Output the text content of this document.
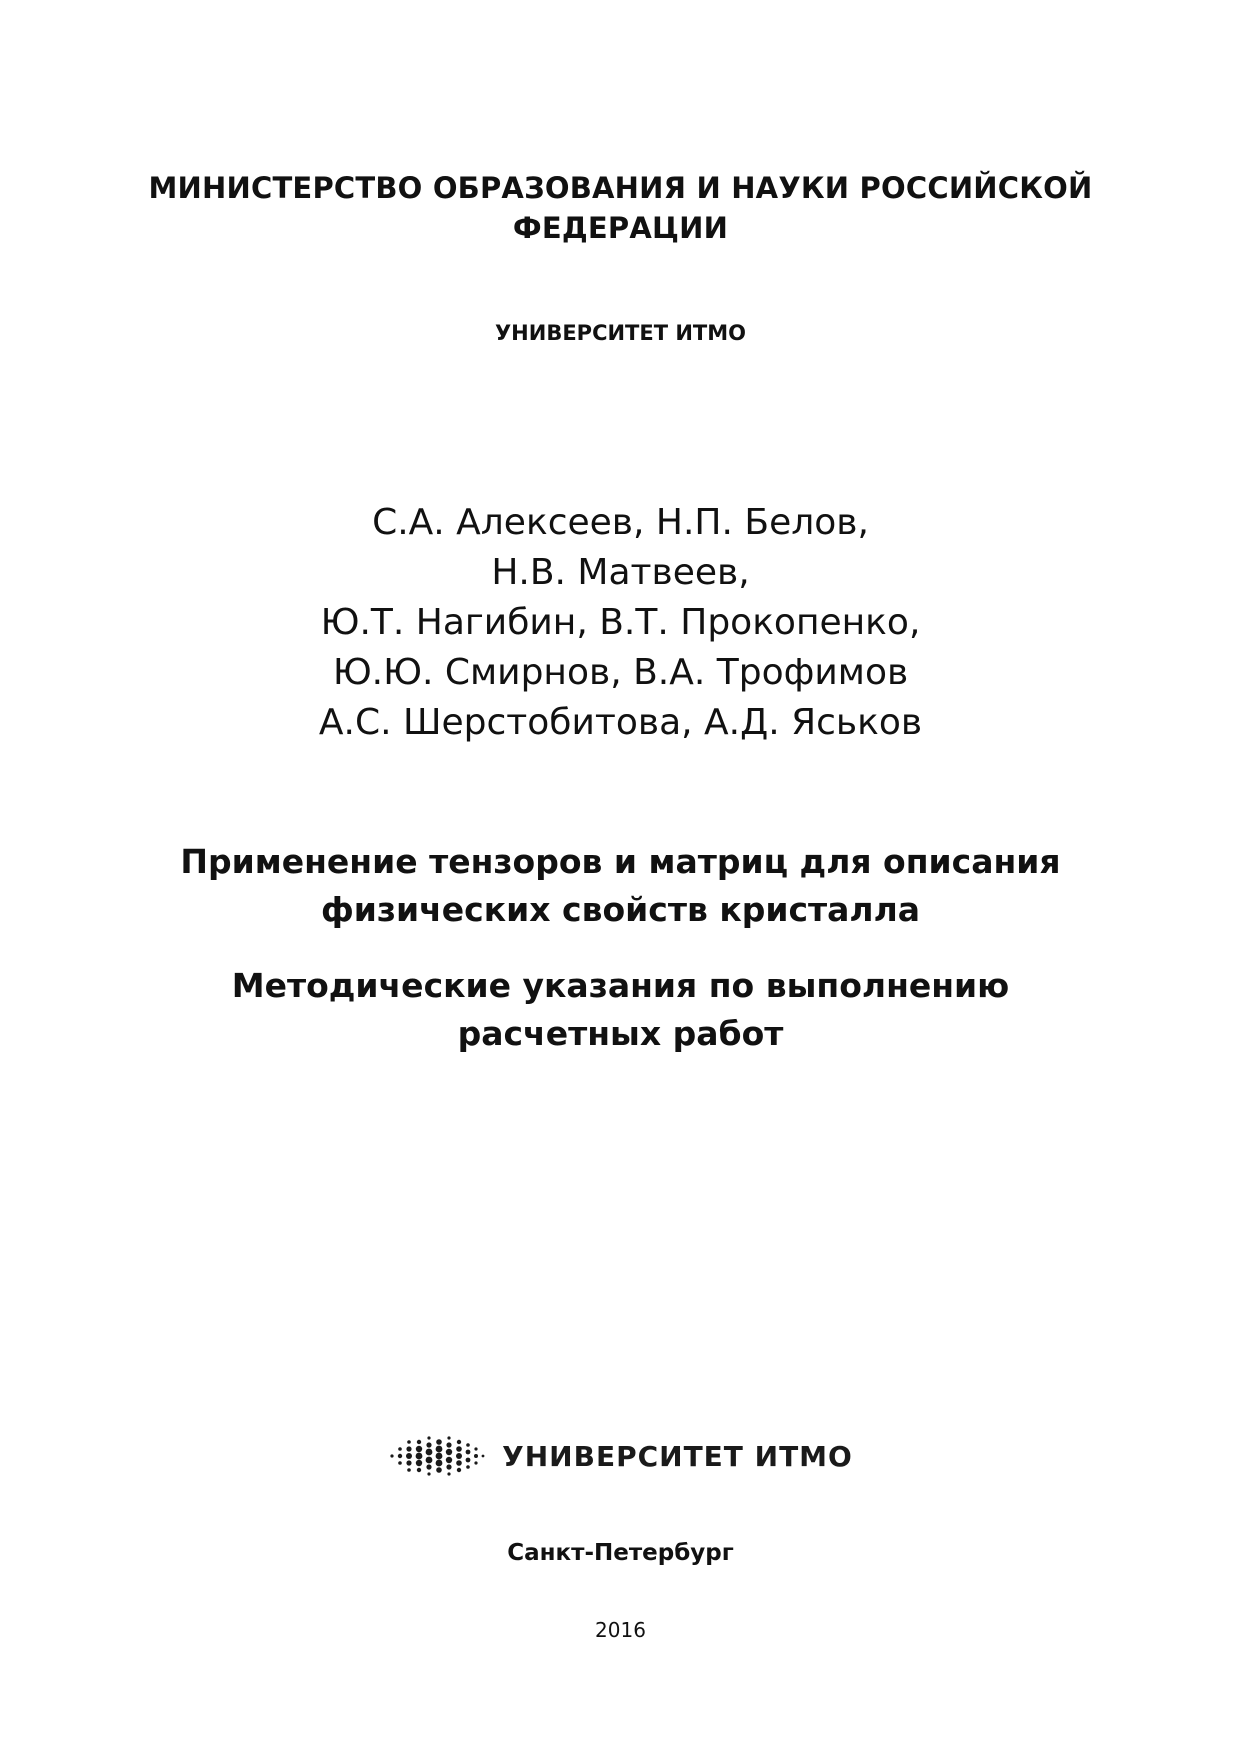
МИНИСТЕРСТВО ОБРАЗОВАНИЯ И НАУКИ РОССИЙСКОЙ
ФЕДЕРАЦИИ
УНИВЕРСИТЕТ ИТМО
С.А. Алексеев, Н.П. Белов,
Н.В. Матвеев,
Ю.Т. Нагибин, В.Т. Прокопенко,
Ю.Ю. Смирнов, В.А. Трофимов
А.С. Шерстобитова, А.Д. Яськов
Применение тензоров и матриц для описания
физических свойств кристалла
Методические указания по выполнению
расчетных работ
УНИВЕРСИТЕТ ИТМО
Санкт-Петербург
2016
